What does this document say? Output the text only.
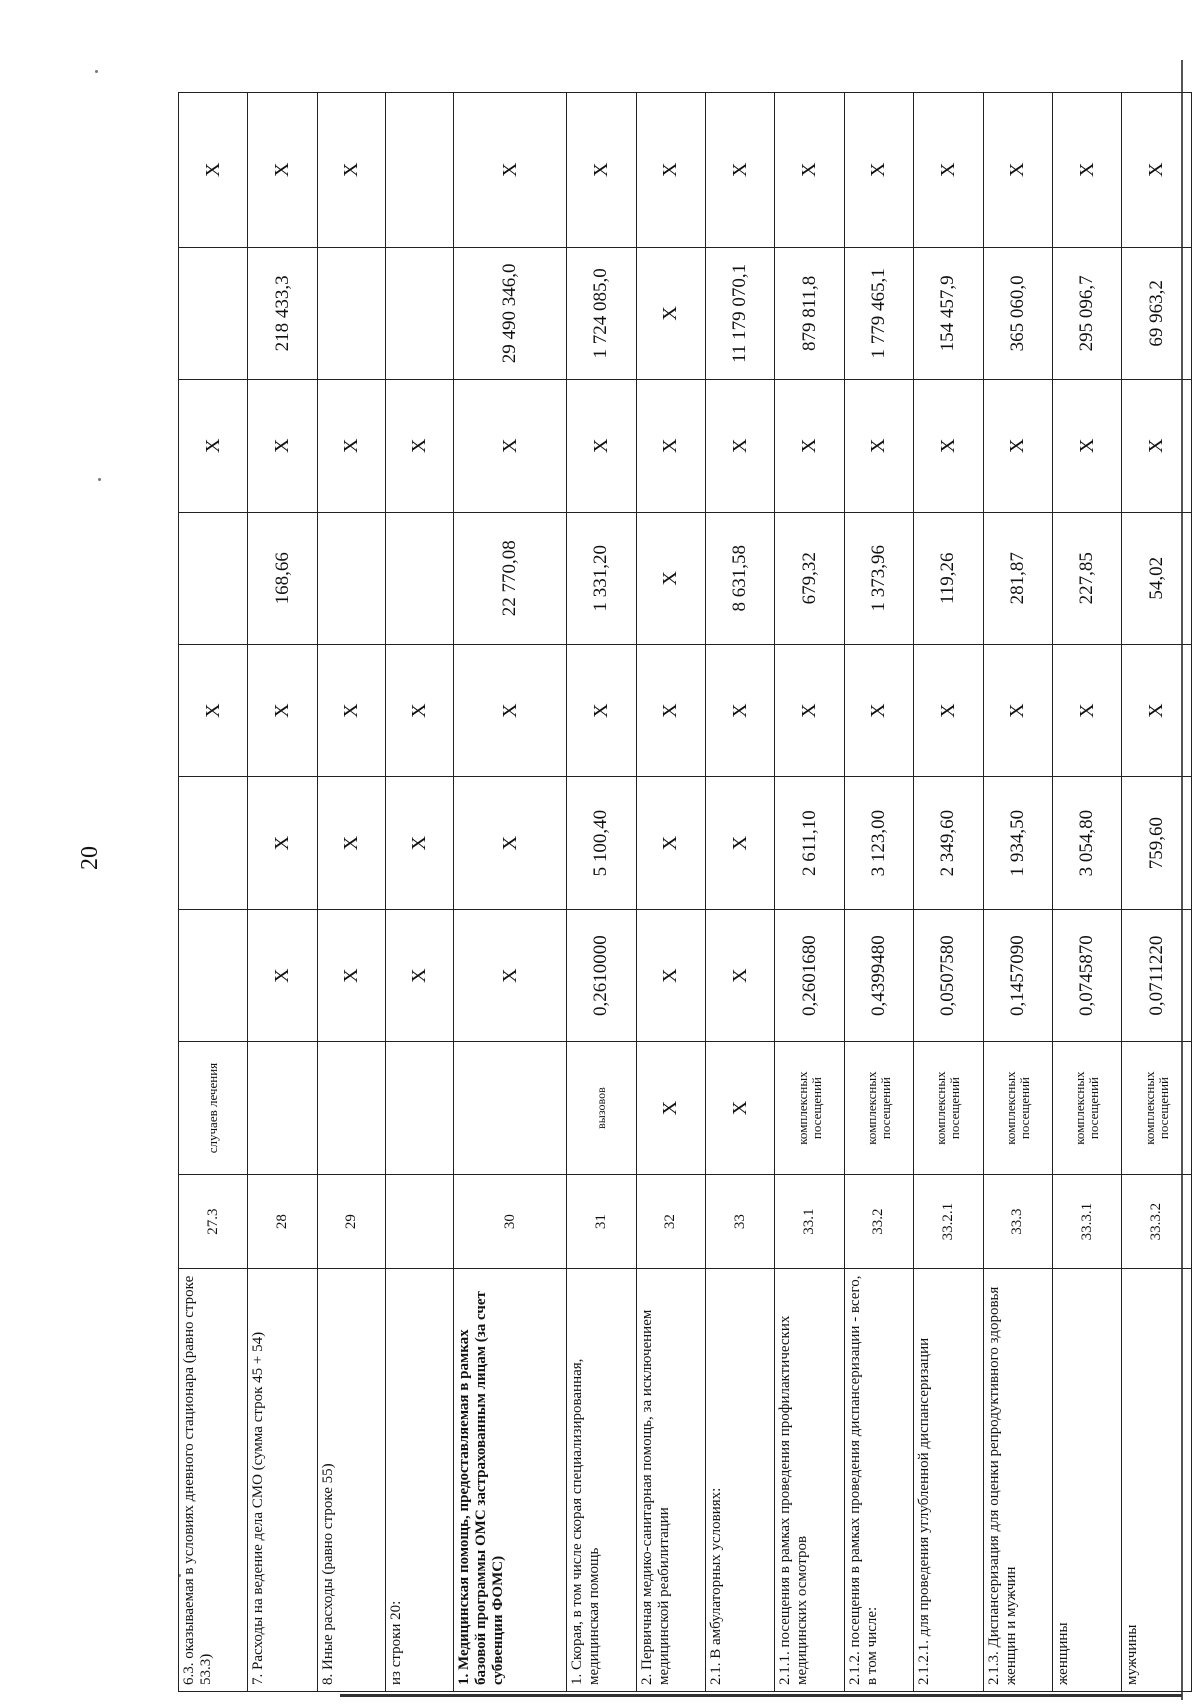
20
6.3. оказываемая в условиях дневного стационара (равно строке 53.3)	27.3	случаев лечения			X		X		X
7. Расходы на ведение дела СМО (сумма строк 45 + 54)	28		X	X	X	168,66	X	218 433,3	X
8. Иные расходы (равно строке 55)	29		X	X	X		X		X
из строки 20:			X	X	X		X		
1. Медицинская помощь, предоставляемая в рамках базовой программы ОМС застрахованным лицам (за счет субвенции ФОМС)	30		X	X	X	22 770,08	X	29 490 346,0	X
1. Скорая, в том числе скорая специализированная, медицинская помощь	31	вызовов	0,2610000	5 100,40	X	1 331,20	X	1 724 085,0	X
2. Первичная медико-санитарная помощь, за исключением медицинской реабилитации	32	X	X	X	X	X	X	X	X
2.1. В амбулаторных условиях:	33	X	X	X	X	8 631,58	X	11 179 070,1	X
2.1.1. посещения в рамках проведения профилактических медицинских осмотров	33.1	комплексных посещений	0,2601680	2 611,10	X	679,32	X	879 811,8	X
2.1.2. посещения в рамках проведения диспансеризации - всего, в том числе:	33.2	комплексных посещений	0,4399480	3 123,00	X	1 373,96	X	1 779 465,1	X
2.1.2.1. для проведения углубленной диспансеризации	33.2.1	комплексных посещений	0,0507580	2 349,60	X	119,26	X	154 457,9	X
2.1.3. Диспансеризация для оценки репродуктивного здоровья женщин и мужчин	33.3	комплексных посещений	0,1457090	1 934,50	X	281,87	X	365 060,0	X
женщины	33.3.1	комплексных посещений	0,0745870	3 054,80	X	227,85	X	295 096,7	X
мужчины	33.3.2	комплексных посещений	0,0711220	759,60	X	54,02	X	69 963,2	X
